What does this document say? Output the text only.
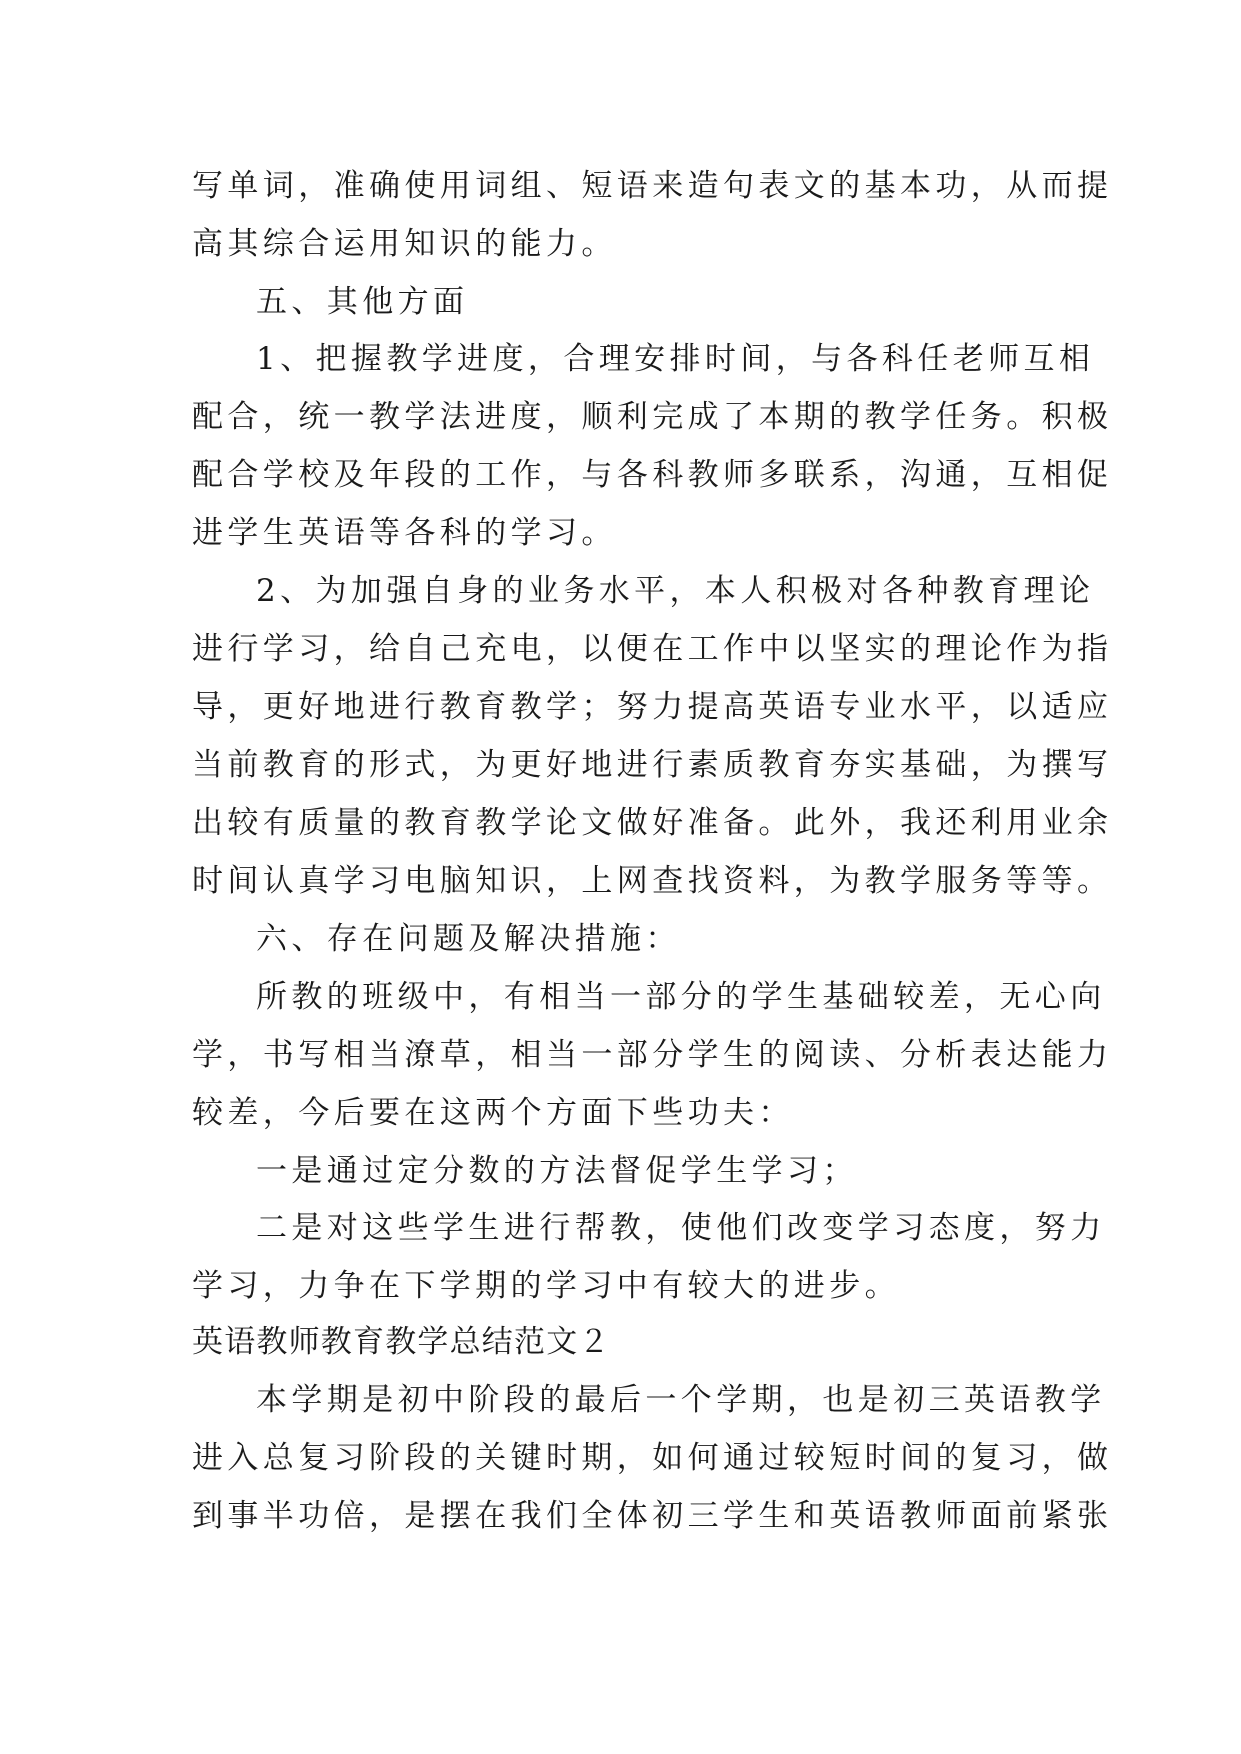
写单词，准确使用词组、短语来造句表文的基本功，从而提
高其综合运用知识的能力。
五、其他方面
1、把握教学进度，合理安排时间，与各科任老师互相
配合，统一教学法进度，顺利完成了本期的教学任务。积极
配合学校及年段的工作，与各科教师多联系，沟通，互相促
进学生英语等各科的学习。
2、为加强自身的业务水平，本人积极对各种教育理论
进行学习，给自己充电，以便在工作中以坚实的理论作为指
导，更好地进行教育教学；努力提高英语专业水平，以适应
当前教育的形式，为更好地进行素质教育夯实基础，为撰写
出较有质量的教育教学论文做好准备。此外，我还利用业余
时间认真学习电脑知识，上网查找资料，为教学服务等等。
六、存在问题及解决措施：
所教的班级中，有相当一部分的学生基础较差，无心向
学，书写相当潦草，相当一部分学生的阅读、分析表达能力
较差，今后要在这两个方面下些功夫：
一是通过定分数的方法督促学生学习；
二是对这些学生进行帮教，使他们改变学习态度，努力
学习，力争在下学期的学习中有较大的进步。
英语教师教育教学总结范文２
本学期是初中阶段的最后一个学期，也是初三英语教学
进入总复习阶段的关键时期，如何通过较短时间的复习，做
到事半功倍，是摆在我们全体初三学生和英语教师面前紧张
